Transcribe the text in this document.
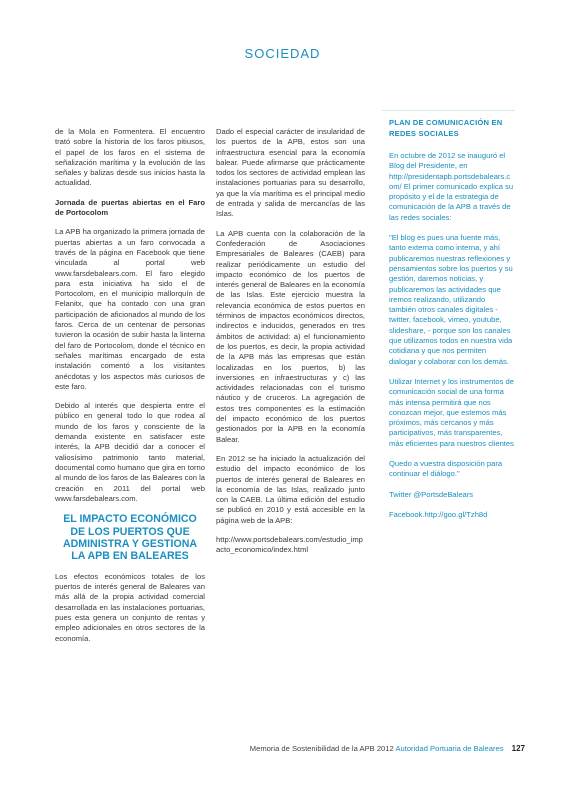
SOCIEDAD

de la Mola en Formentera. El encuentro trató sobre la historia de los faros pitiusos, el papel de los faros en el sistema de señalización marítima y la evolución de las señales y balizas desde sus inicios hasta la actualidad.

Jornada de puertas abiertas en el Faro de Portocolom

La APB ha organizado la primera jornada de puertas abiertas a un faro convocada a través de la página en Facebook que tiene vinculada al portal web www.farsdebalears.com. El faro elegido para esta iniciativa ha sido el de Portocolom, en el municipio mallorquín de Felanitx, que ha contado con una gran participación de aficionados al mundo de los faros. Cerca de un centenar de personas tuvieron la ocasión de subir hasta la linterna del faro de Portocolom, donde el técnico en señales marítimas encargado de esta instalación comentó a los visitantes anécdotas y los aspectos más curiosos de este faro.

Debido al interés que despierta entre el público en general todo lo que rodea al mundo de los faros y consciente de la demanda existente en satisfacer este interés, la APB decidió dar a conocer el valiosísimo patrimonio tanto material, documental como humano que gira en torno al mundo de los faros de las Baleares con la creación en 2011 del portal web www.farsdebalears.com.

EL IMPACTO ECONÓMICO DE LOS PUERTOS QUE ADMINISTRA Y GESTIONA LA APB EN BALEARES

Los efectos económicos totales de los puertos de interés general de Baleares van más allá de la propia actividad comercial desarrollada en las instalaciones portuarias, pues esta genera un conjunto de rentas y empleo adicionales en otros sectores de la economía.

Dado el especial carácter de insularidad de los puertos de la APB, estos son una infraestructura esencial para la economía balear. Puede afirmarse que prácticamente todos los sectores de actividad emplean las instalaciones portuarias para su desarrollo, ya que la vía marítima es el principal medio de entrada y salida de mercancías de las Islas.

La APB cuenta con la colaboración de la Confederación de Asociaciones Empresariales de Baleares (CAEB) para realizar periódicamente un estudio del impacto económico de los puertos de interés general de Baleares en la economía de las Islas. Este ejercicio muestra la relevancia económica de estos puertos en términos de impactos económicos directos, indirectos e inducidos, generados en tres ámbitos de actividad: a) el funcionamiento de los puertos, es decir, la propia actividad de la APB más las empresas que están localizadas en los puertos, b) las inversiones en infraestructuras y c) las actividades relacionadas con el turismo náutico y de cruceros. La agregación de estos tres componentes es la estimación del impacto económico de los puertos gestionados por la APB en la economía Balear.

En 2012 se ha iniciado la actualización del estudio del impacto económico de los puertos de interés general de Baleares en la economía de las Islas, realizado junto con la CAEB. La última edición del estudio se publicó en 2010 y está accesible en la página web de la APB:

http://www.portsdebalears.com/estudio_impacto_economico/index.html

PLAN DE COMUNICACIÓN EN REDES SOCIALES

En octubre de 2012 se inauguró el Blog del Presidente, en http://presidentapb.portsdebalears.com/ El primer comunicado explica su propósito y el de la estrategia de comunicación de la APB a través de las redes sociales:

"El blog es pues una fuente más, tanto externa como interna, y ahí publicaremos nuestras reflexiones y pensamientos sobre los puertos y su gestión, daremos noticias, y publicaremos las actividades que iremos realizando, utilizando también otros canales digitales -twitter, facebook, vimeo, youtube, slideshare, - porque son los canales que utilizamos todos en nuestra vida cotidiana y que nos permiten dialogar y colaborar con los demás.

Utilizar Internet y los instrumentos de comunicación social de una forma más intensa permitirá que nos conozcan mejor, que estemos más próximos, más cercanos y más participativos, más transparentes, más eficientes para nuestros clientes

Quedo a vuestra disposición para continuar el diálogo."

Twitter @PortsdeBalears

Facebook.http://goo.gl/Tzh8d

Memoria de Sostenibilidad de la APB 2012 Autoridad Portuaria de Baleares 127
